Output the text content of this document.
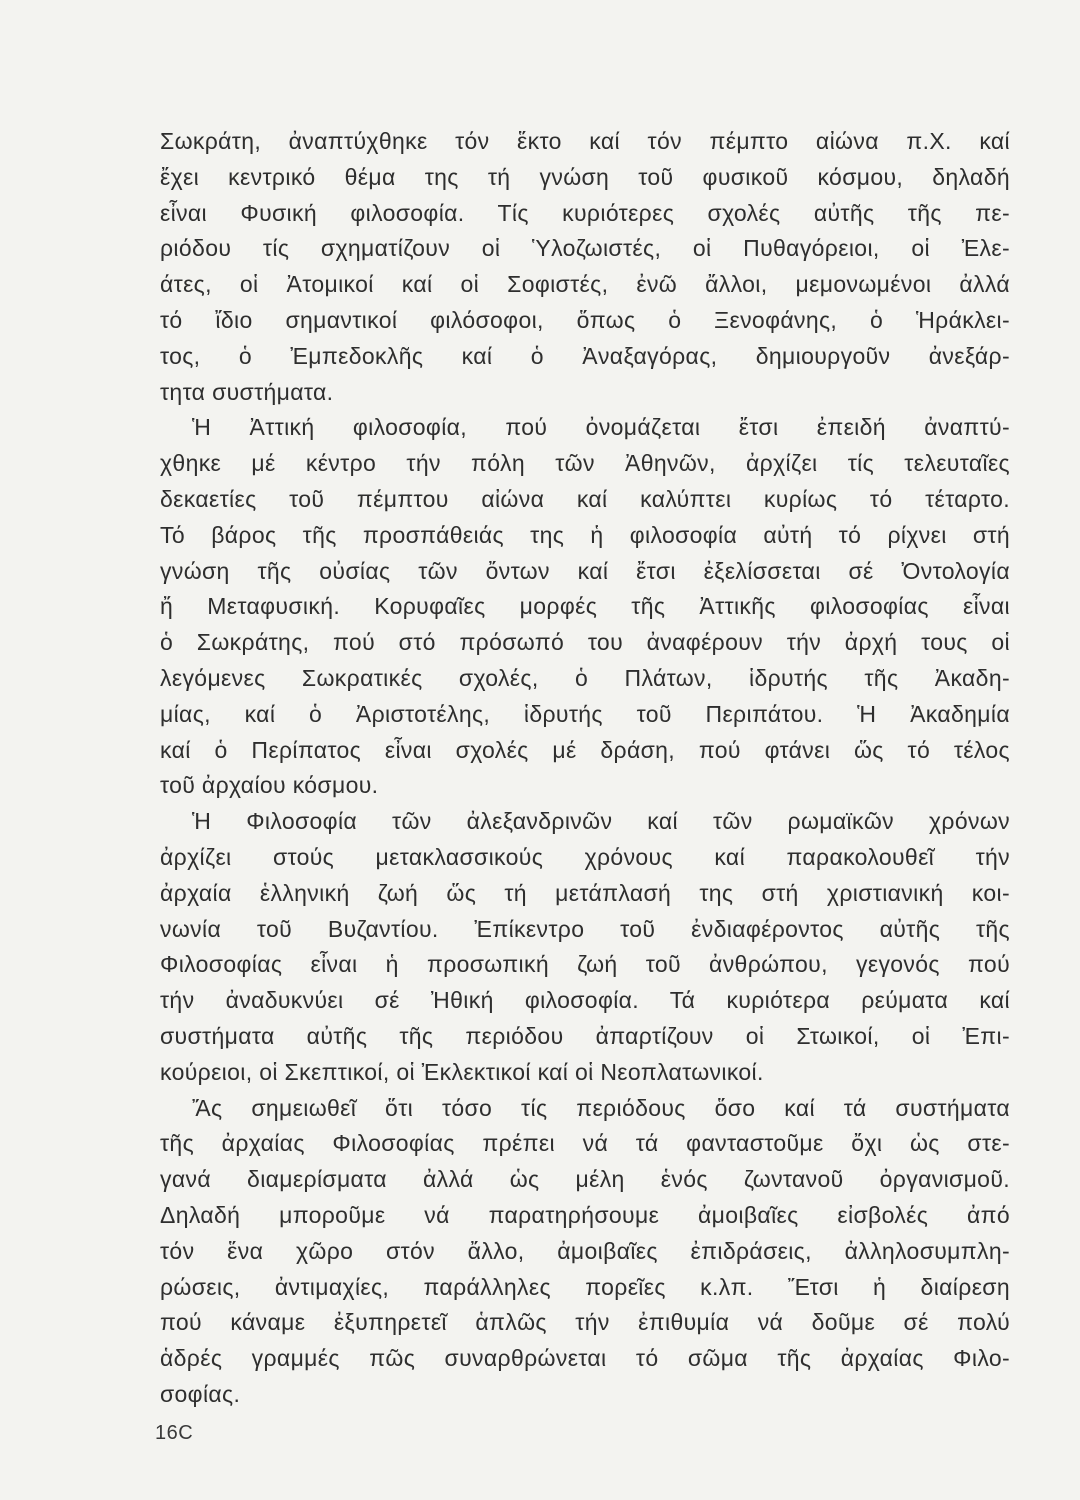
Σωκράτη, ἀναπτύχθηκε τόν ἕκτο καί τόν πέμπτο αἰώνα π.Χ. καί
ἔχει κεντρικό θέμα της τή γνώση τοῦ φυσικοῦ κόσμου, δηλαδή
εἶναι Φυσική φιλοσοφία. Τίς κυριότερες σχολές αὐτῆς τῆς πε-
ριόδου τίς σχηματίζουν οἱ Ὑλοζωιστές, οἱ Πυθαγόρειοι, οἱ Ἐλε-
άτες, οἱ Ἀτομικοί καί οἱ Σοφιστές, ἐνῶ ἄλλοι, μεμονωμένοι ἀλλά
τό ἴδιο σημαντικοί φιλόσοφοι, ὅπως ὁ Ξενοφάνης, ὁ Ἡράκλει-
τος, ὁ Ἐμπεδοκλῆς καί ὁ Ἀναξαγόρας, δημιουργοῦν ἀνεξάρ-
τητα συστήματα.
Ἡ Ἀττική φιλοσοφία, πού ὀνομάζεται ἔτσι ἐπειδή ἀναπτύ-
χθηκε μέ κέντρο τήν πόλη τῶν Ἀθηνῶν, ἀρχίζει τίς τελευταῖες
δεκαετίες τοῦ πέμπτου αἰώνα καί καλύπτει κυρίως τό τέταρτο.
Τό βάρος τῆς προσπάθειάς της ἡ φιλοσοφία αὐτή τό ρίχνει στή
γνώση τῆς οὐσίας τῶν ὄντων καί ἔτσι ἐξελίσσεται σέ Ὀντολογία
ἤ Μεταφυσική. Κορυφαῖες μορφές τῆς Ἀττικῆς φιλοσοφίας εἶναι
ὁ Σωκράτης, πού στό πρόσωπό του ἀναφέρουν τήν ἀρχή τους οἱ
λεγόμενες Σωκρατικές σχολές, ὁ Πλάτων, ἱδρυτής τῆς Ἀκαδη-
μίας, καί ὁ Ἀριστοτέλης, ἱδρυτής τοῦ Περιπάτου. Ἡ Ἀκαδημία
καί ὁ Περίπατος εἶναι σχολές μέ δράση, πού φτάνει ὥς τό τέλος
τοῦ ἀρχαίου κόσμου.
Ἡ Φιλοσοφία τῶν ἀλεξανδρινῶν καί τῶν ρωμαϊκῶν χρόνων
ἀρχίζει στούς μετακλασσικούς χρόνους καί παρακολουθεῖ τήν
ἀρχαία ἑλληνική ζωή ὥς τή μετάπλασή της στή χριστιανική κοι-
νωνία τοῦ Βυζαντίου. Ἐπίκεντρο τοῦ ἐνδιαφέροντος αὐτῆς τῆς
Φιλοσοφίας εἶναι ἡ προσωπική ζωή τοῦ ἀνθρώπου, γεγονός πού
τήν ἀναδυκνύει σέ Ἠθική φιλοσοφία. Τά κυριότερα ρεύματα καί
συστήματα αὐτῆς τῆς περιόδου ἀπαρτίζουν οἱ Στωικοί, οἱ Ἐπι-
κούρειοι, οἱ Σκεπτικοί, οἱ Ἐκλεκτικοί καί οἱ Νεοπλατωνικοί.
Ἄς σημειωθεῖ ὅτι τόσο τίς περιόδους ὅσο καί τά συστήματα
τῆς ἀρχαίας Φιλοσοφίας πρέπει νά τά φανταστοῦμε ὄχι ὡς στε-
γανά διαμερίσματα ἀλλά ὡς μέλη ἑνός ζωντανοῦ ὀργανισμοῦ.
Δηλαδή μποροῦμε νά παρατηρήσουμε ἀμοιβαῖες εἰσβολές ἀπό
τόν ἕνα χῶρο στόν ἄλλο, ἀμοιβαῖες ἐπιδράσεις, ἀλληλοσυμπλη-
ρώσεις, ἀντιμαχίες, παράλληλες πορεῖες κ.λπ. Ἔτσι ἡ διαίρεση
πού κάναμε ἐξυπηρετεῖ ἁπλῶς τήν ἐπιθυμία νά δοῦμε σέ πολύ
ἁδρές γραμμές πῶς συναρθρώνεται τό σῶμα τῆς ἀρχαίας Φιλο-
σοφίας.
16C
